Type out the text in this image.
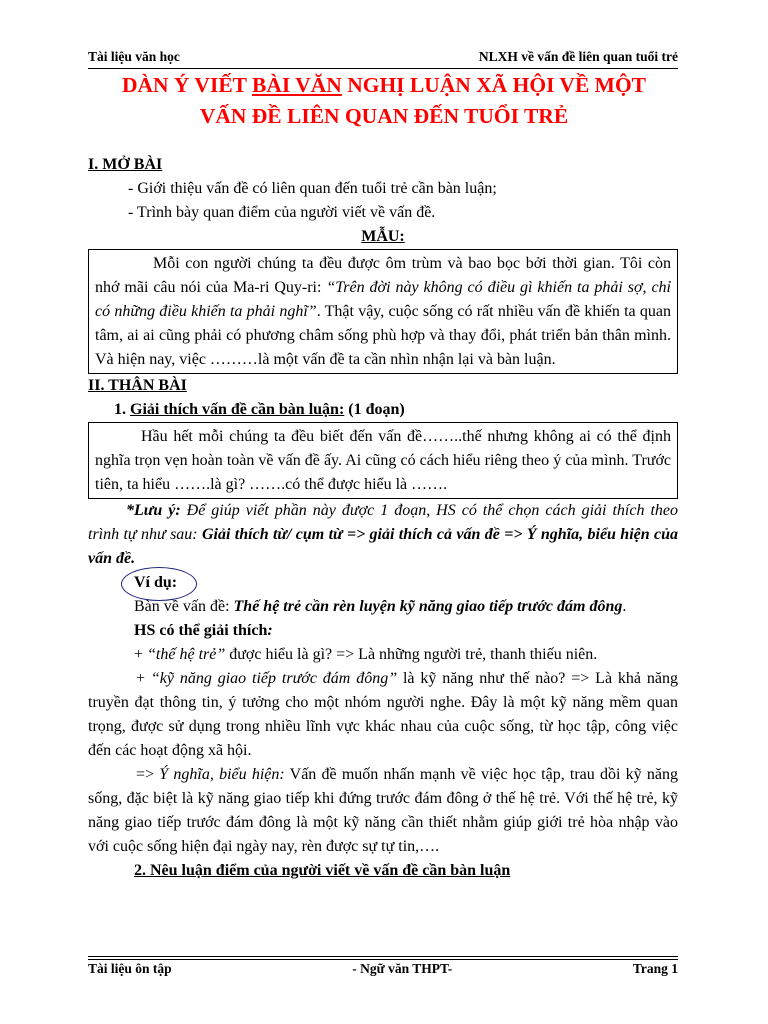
Tài liệu văn học	NLXH về vấn đề liên quan tuổi trẻ
DÀN Ý VIẾT BÀI VĂN NGHỊ LUẬN XÃ HỘI VỀ MỘT
VẤN ĐỀ LIÊN QUAN ĐẾN TUỔI TRẺ

I. MỞ BÀI

- Giới thiệu vấn đề có liên quan đến tuổi trẻ cần bàn luận;

- Trình bày quan điểm của người viết về vấn đề.

MẪU:

Mỗi con người chúng ta đều được ôm trùm và bao bọc bởi thời gian. Tôi còn nhớ mãi câu nói của Ma-ri Quy-ri: “Trên đời này không có điều gì khiến ta phải sợ, chỉ có những điều khiến ta phải nghĩ”. Thật vậy, cuộc sống có rất nhiều vấn đề khiến ta quan tâm, ai ai cũng phải có phương châm sống phù hợp và thay đổi, phát triển bản thân mình. Và hiện nay, việc ………là một vấn đề ta cần nhìn nhận lại và bàn luận.

II. THÂN BÀI

1. Giải thích vấn đề cần bàn luận: (1 đoạn)

Hầu hết mỗi chúng ta đều biết đến vấn đề……..thế nhưng không ai có thể định nghĩa trọn vẹn hoàn toàn về vấn đề ấy. Ai cũng có cách hiểu riêng theo ý của mình. Trước tiên, ta hiểu …….là gì? …….có thể được hiểu là …….

*Lưu ý: Để giúp viết phần này được 1 đoạn, HS có thể chọn cách giải thích theo trình tự như sau: Giải thích từ/ cụm từ => giải thích cả vấn đề => Ý nghĩa, biểu hiện của vấn đề.

Ví dụ:

Bàn về vấn đề: Thế hệ trẻ cần rèn luyện kỹ năng giao tiếp trước đám đông.

HS có thể giải thích:

+ “thế hệ trẻ” được hiểu là gì? => Là những người trẻ, thanh thiếu niên.

+ “kỹ năng giao tiếp trước đám đông” là kỹ năng như thế nào? => Là khả năng truyền đạt thông tin, ý tưởng cho một nhóm người nghe. Đây là một kỹ năng mềm quan trọng, được sử dụng trong nhiều lĩnh vực khác nhau của cuộc sống, từ học tập, công việc đến các hoạt động xã hội.

=> Ý nghĩa, biểu hiện: Vấn đề muốn nhấn mạnh về việc học tập, trau dồi kỹ năng sống, đặc biệt là kỹ năng giao tiếp khi đứng trước đám đông ở thế hệ trẻ. Với thế hệ trẻ, kỹ năng giao tiếp trước đám đông là một kỹ năng cần thiết nhằm giúp giới trẻ hòa nhập vào với cuộc sống hiện đại ngày nay, rèn được sự tự tin,….

2. Nêu luận điểm của người viết về vấn đề cần bàn luận

Tài liệu ôn tập	- Ngữ văn THPT-	Trang 1
